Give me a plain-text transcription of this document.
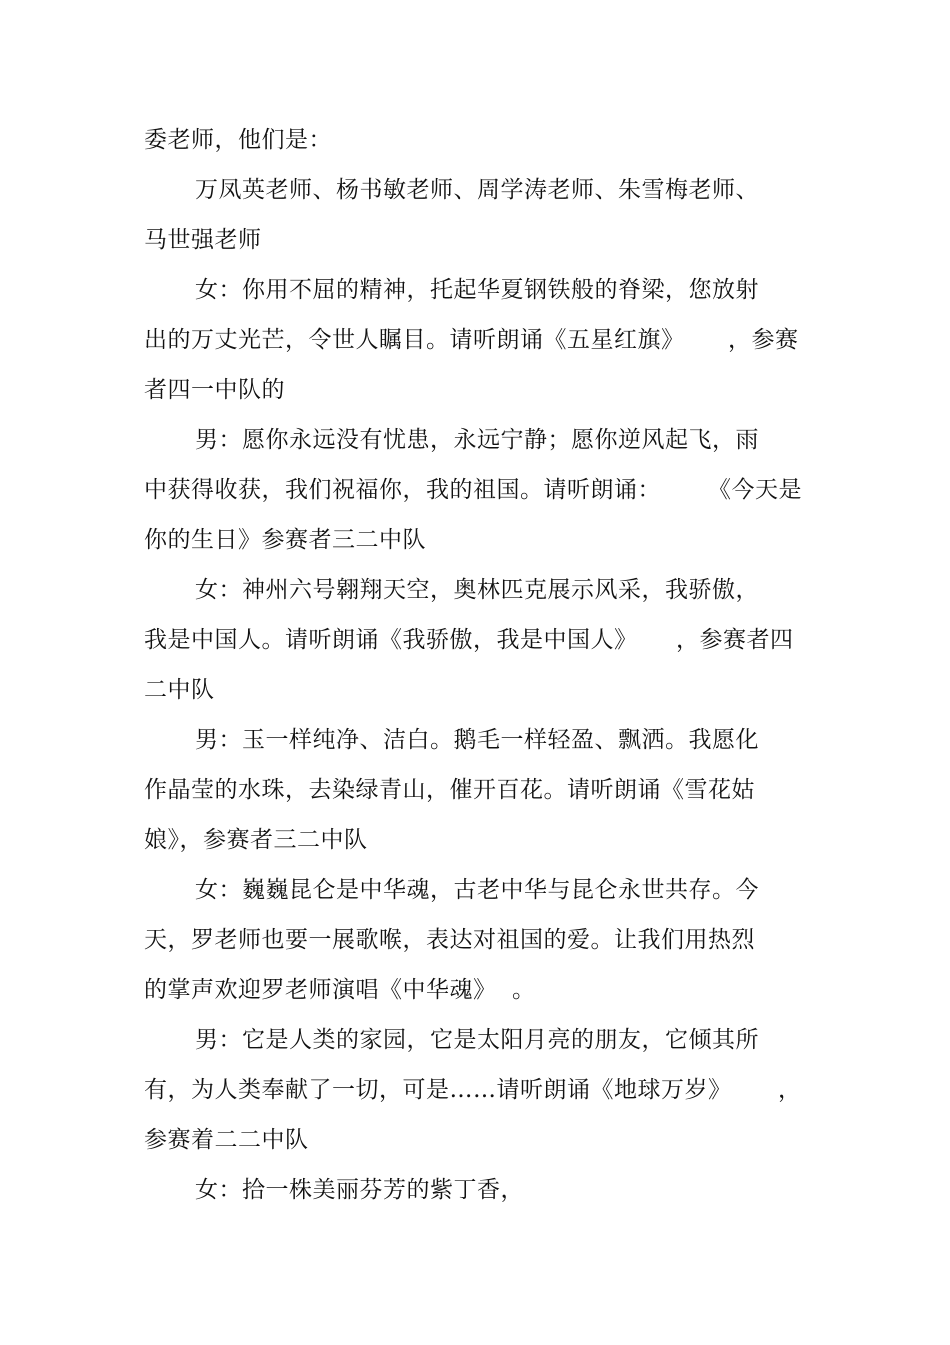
委老师，他们是：
万凤英老师、杨书敏老师、周学涛老师、朱雪梅老师、
马世强老师
女：你用不屈的精神，托起华夏钢铁般的脊梁，您放射
出的万丈光芒，令世人瞩目。请听朗诵《五星红旗》 ，参赛
者四一中队的
男：愿你永远没有忧患，永远宁静；愿你逆风起飞，雨
中获得收获，我们祝福你，我的祖国。请听朗诵： 《今天是
你的生日》参赛者三二中队
女：神州六号翱翔天空，奥林匹克展示风采，我骄傲，
我是中国人。请听朗诵《我骄傲，我是中国人》 ，参赛者四
二中队
男：玉一样纯净、洁白。鹅毛一样轻盈、飘洒。我愿化
作晶莹的水珠，去染绿青山，催开百花。请听朗诵《雪花姑
娘》，参赛者三二中队
女：巍巍昆仑是中华魂，古老中华与昆仑永世共存。今
天，罗老师也要一展歌喉，表达对祖国的爱。让我们用热烈
的掌声欢迎罗老师演唱《中华魂》 。
男：它是人类的家园，它是太阳月亮的朋友，它倾其所
有，为人类奉献了一切，可是……请听朗诵《地球万岁》 ，
参赛着二二中队
女：拾一株美丽芬芳的紫丁香，
